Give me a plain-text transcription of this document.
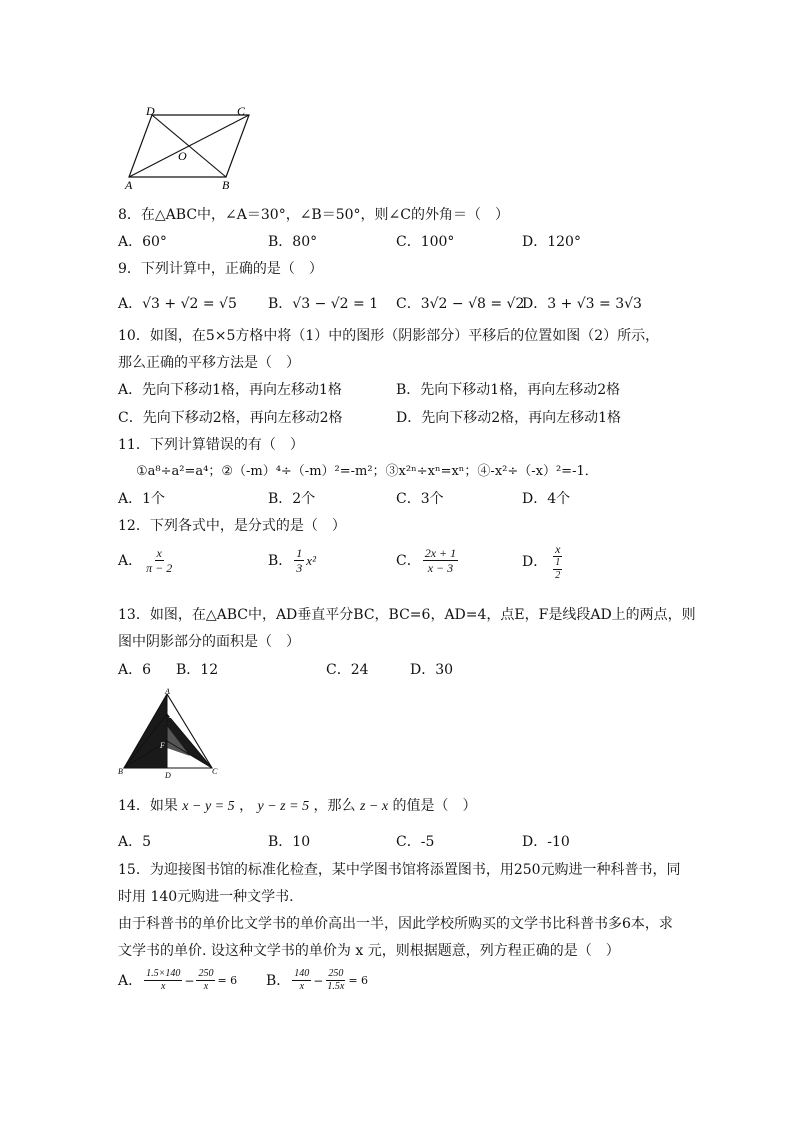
D	C
O
A	B
8．在△ABC中，∠A＝30°，∠B＝50°，则∠C的外角＝（　）
A．60°	B．80°	C．100°	D．120°
9．下列计算中，正确的是（　）
A．√3 + √2 = √5 B．√3 − √2 = 1 C．3√2 − √8 = √2
D．3 + √3 = 3√3
10．如图，在5×5方格中将（1）中的图形（阴影部分）平移后的位置如图（2）所示，
那么正确的平移方法是（　）
A．先向下移动1格，再向左移动1格	B．先向下移动1格，再向左移动2格
C．先向下移动2格，再向左移动2格	D．先向下移动2格，再向左移动1格
11．下列计算错误的有（　）
①a⁸÷a²=a⁴；②（-m）⁴÷（-m）²=-m²；③x²ⁿ÷xⁿ=xⁿ；④-x²÷（-x）²=-1．
A．1个	B．2个	C．3个	D．4个
12．下列各式中，是分式的是（　）
A． $\frac{x}{\pi - 2}$	B． $\frac{1}{3} x^2$	C． $\frac{2x + 1}{x - 3}$	D． $\frac{x}{\frac{1}{2}}$
13．如图，在△ABC中，AD垂直平分BC，BC=6，AD=4，点E，F是线段AD上的两点，则
图中阴影部分的面积是（　）
A．6 B．12	C．24	D．30
A
E
F
B	D	C
14．如果 x − y = 5 ， y − z = 5 ，那么 z − x 的值是（　）
A．5	B．10	C．-5	D．-10
15．为迎接图书馆的标准化检查，某中学图书馆将添置图书，用250元购进一种科普书，同
时用 140元购进一种文学书.
由于科普书的单价比文学书的单价高出一半，因此学校所购买的文学书比科普书多6本，求
文学书的单价. 设这种文学书的单价为 x 元，则根据题意，列方程正确的是（　）
A． $\frac{1.5\times 140}{x} - \frac{250}{x} = 6$ B． $\frac{140}{x} - \frac{250}{1.5x} = 6$
